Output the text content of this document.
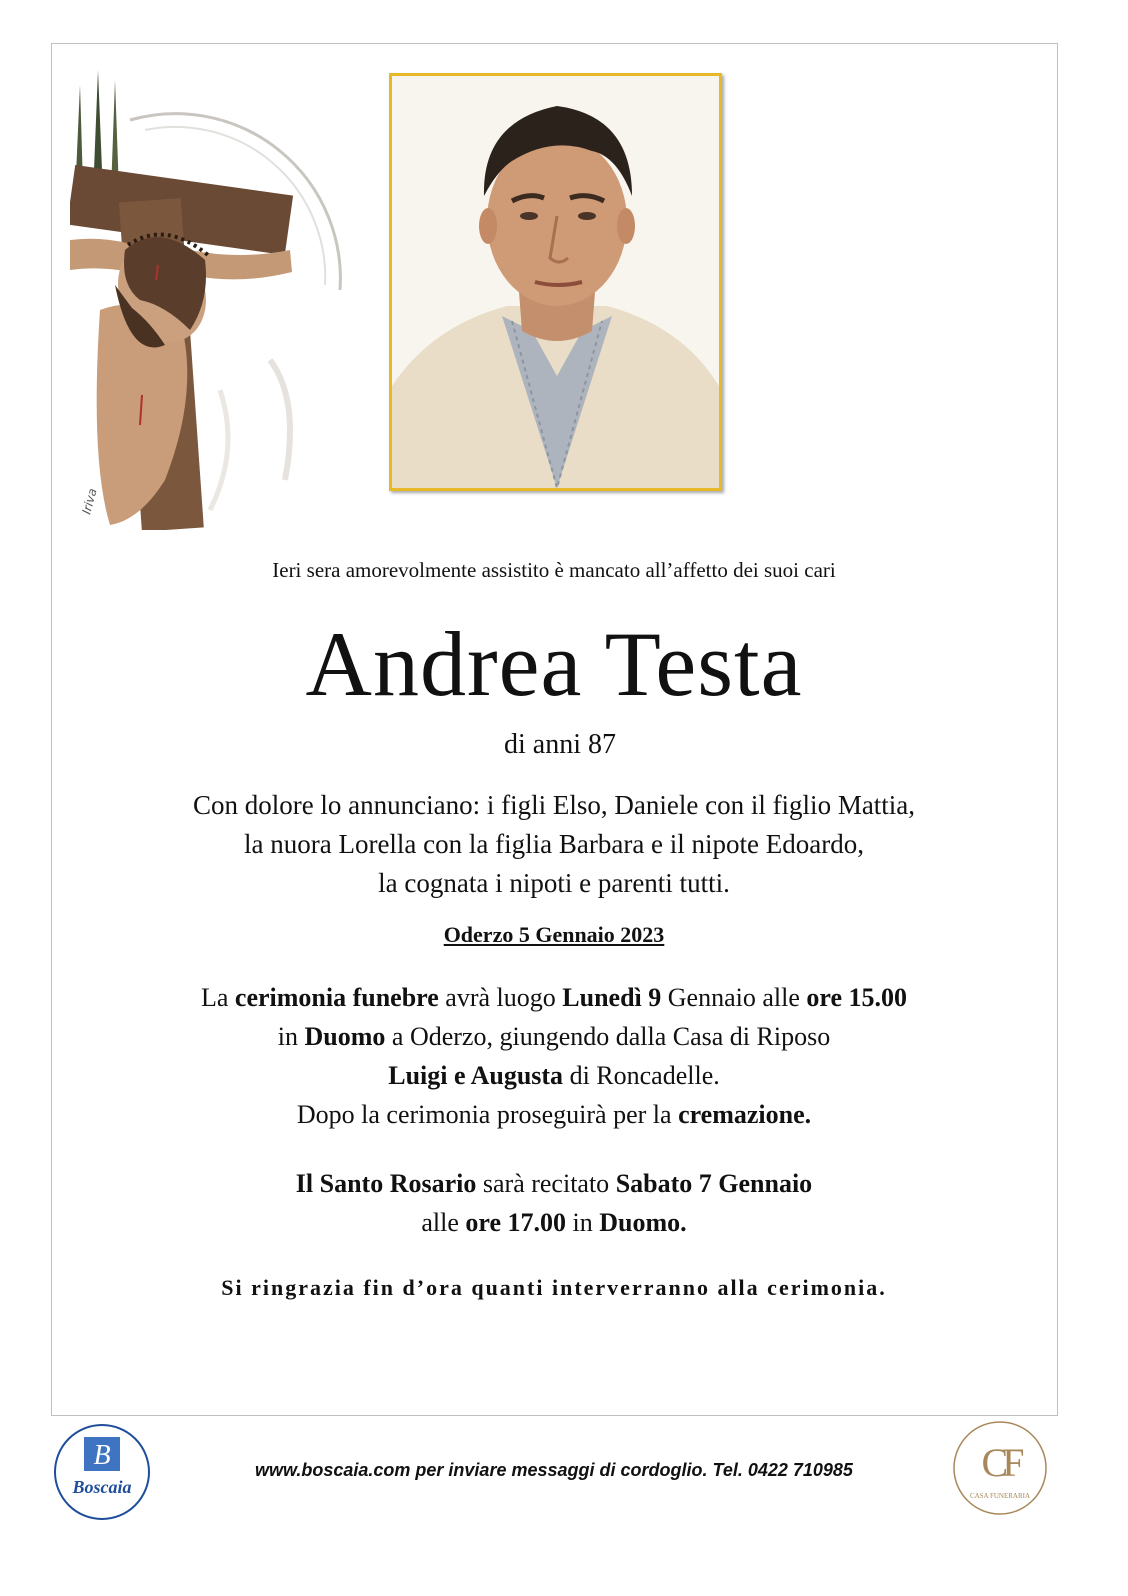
Iriva
Ieri sera amorevolmente assistito è mancato all’affetto dei suoi cari
Andrea Testa
di anni 87

Con dolore lo annunciano: i figli Elso, Daniele con il figlio Mattia,

la nuora Lorella con la figlia Barbara e il nipote Edoardo,

la cognata i nipoti e parenti tutti.

Oderzo 5 Gennaio 2023

La cerimonia funebre avrà luogo Lunedì 9 Gennaio alle ore 15.00

in Duomo a Oderzo, giungendo dalla Casa di Riposo

Luigi e Augusta di Roncadelle.

Dopo la cerimonia proseguirà per la cremazione.

Il Santo Rosario sarà recitato Sabato 7 Gennaio

alle ore 17.00 in Duomo.

Si ringrazia fin d’ora quanti interverranno alla cerimonia.
B
Boscaia
www.boscaia.com per inviare messaggi di cordoglio. Tel. 0422 710985	CF
CASA FUNERARIA
